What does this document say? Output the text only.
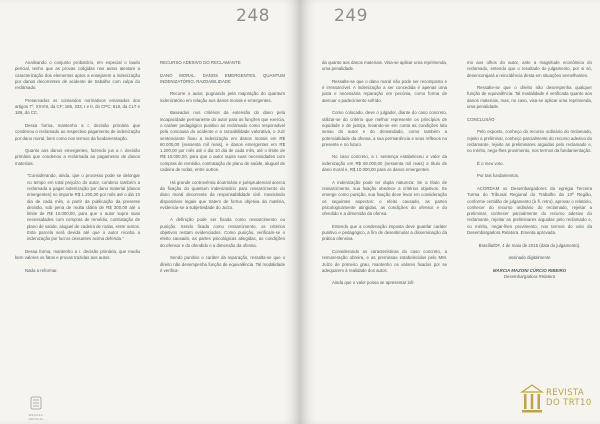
248

Analisando o conjunto probatório, em especial o laudo pericial, tenho que as provas coligidas nos autos atestam a caracterização dos elementos aptos a ensejarem a indenização por danos decorrentes de acidente de trabalho com culpa do reclamado.

Preservados os comandos normativos emanados dos artigos 7º, XXVIII, da CF; 186, 333, I e II, do CPC; 818, da CLT e 186, do CC.

Dessa forma, mantenho a r. decisão primária que condenou o reclamado ao respectivo pagamento de indenização por dano moral, bem como nos termos da fundamentação.

Quanto aos danos emergentes, fazendo jus a r. decisão primária que condenou a reclamada ao pagamento de danos materiais.

"Considerando, ainda, que o processo pode se delongar no tempo em total prejuízo do autor, condeno também a reclamada a pagar indenização por dano material (danos emergentes) no importe R$ 1.200,00 por mês até o dia 10 dia de cada mês, a partir da publicação da presente decisão, sob pena de multa diária de R$ 300,00 até o limite de R$ 10.000,00, para que o autor supra suas necessidades com compras de remédio, contratação de plano de saúde, aluguel de cadeira de rodas, entre outros. Esta parcela será devida até que o autor receba a indenização por lucros cessantes acima deferida."

Dessa forma, mantenho a r. decisão primária, que mediu bem valores os fatos e provas trazidas aos autos.

Nada a reformar.

RECURSO ADESIVO DO RECLAMANTE

DANO MORAL. DANOS EMERGENTES. QUANTUM INDENIZATÓRIO. RAZOABILIDADE

Recorre o autor, pugnando pela majoração do quantum indenizatório em relação aos danos morais e emergentes.

Baseados nos critérios da extensão do dano pela incapacidade permanente do autor para as funções que exercia, o caráter pedagógico punitivo ao reclamado como responsável pela concausa do acidente e a razoabilidade valorativa, o Juiz sentenciante fixou a indenização em danos morais em R$ 60.000,00 (sessenta mil reais), e danos emergentes em R$ 1.200,00 por mês até o dia 10 dia de cada mês, até o limite de R$ 10.000,00, para que o autor supra suas necessidades com compras de remédio, contratação de plano de saúde, aluguel de cadeira de rodas, entre outros.

Há grande controvérsia doutrinária e jurisprudencial acerca da fixação do quantum indenizatório para ressarcimento do dano moral decorrente da responsabilidade civil. Inexistindo dispositivos legais que tratem de forma objetiva da matéria, evidencia-se a subjetividade do Juízo.

A definição pode ser fixada como ressarcimento ou punição. Sendo fixada como ressarcimento, os critérios objetivos restam evidenciados. Como punição, verificam-se o efeito causado, as partes psicológicas atingidas, as condições do ofensor e do ofendido e a dimensão da ofensa.

Sendo punitivo o caráter da reparação, ressalta-se que o direito não desempenha função de equivalência. Tal modalidade é verifica-

ESCOLA JUDICIAL
249

da quanto aos danos materiais. Visa-se aplicar uma reprimenda, uma penalidade.

Ressalte-se que o dano moral não pode ser recomposto e é irressarcível. A indenização a ser concedida é apenas uma justa e necessária reparação em pecúnia, como forma de atenuar o padecimento sofrido.

Como colocado, deve o julgador, diante do caso concreto, utilizar-se do critério que melhor represente os princípios de equidade e de justiça, levando-se em conta as condições latu sensu do autor e do demandado, como também a potencialidade da ofensa, a sua permanência e seus reflexos no presente e no futuro.

No caso concreto, a r. sentença estabeleceu o valor da indenização em R$ 60.000,00 (sessenta mil reais) a título de dano moral e, R$ 10.000,00 para os danos emergentes.

A indenização pode ter dupla natureza: Se a título de ressarcimento, sua fixação obedece a critérios objetivos. Se emerge como punição, sua fixação deve levar em consideração os seguintes aspectos: o efeito causado, as partes psicologicamente atingidas, as condições do ofensor e do ofendido e a dimensão da ofensa.

Entendo que a condenação imposta deve guardar caráter punitivo e pedagógico, a fim de desestimular a disseminação da prática ofensiva.

Considerando as características do caso concreto, a remuneração obreira, e as premissas estabelecidas pelo MM. Juízo de primeiro grau, mantenho os valores fixados por se adequarem à realidade dos autos.

Ainda que o valor possa se apresentar infi-

mo aos olhos do autor, ante a magnitude econômica do reclamado, entendo que o resultado do julgamento, por si só, desencorajará a reincidência desta em situações semelhantes.

Ressalte-se que o direito não desempenha qualquer função de equivalência. Tal modalidade é verificada quanto aos danos materiais, mas, no caso, visa-se aplicar uma reprimenda, uma penalidade.

CONCLUSÃO

Pelo exposto, conheço do recurso ordinário do reclamado, rejeito a preliminar, conheço parcialmente do recurso adesivo do reclamante, rejeito as preliminares arguidas pelo reclamado e, no mérito, nego-lhes provimento, nos termos da fundamentação.

É o meu voto.

Por tais fundamentos,

ACORDAM os Desembargadores da egrégia Terceira Turma do Tribunal Regional do Trabalho da 10ª Região, conforme certidão de julgamento (à fl. retro), aprovar o relatório, conhecer do recurso ordinário do reclamado, rejeitar a preliminar, conhecer parcialmente do recurso adesivo do reclamante, rejeitar as preliminares arguidas pelo reclamado e, no mérito, negar-lhes provimento, nos termos do voto da Desembargadora Relatora. Ementa aprovada.

Brasília/DF, 4 de maio de 2015 (data do julgamento).

assinado digitalmente

MARCIA MAZONI CÚRCIO RIBEIRO

Desembargadora Relatora

REVISTA
DO TRT10
